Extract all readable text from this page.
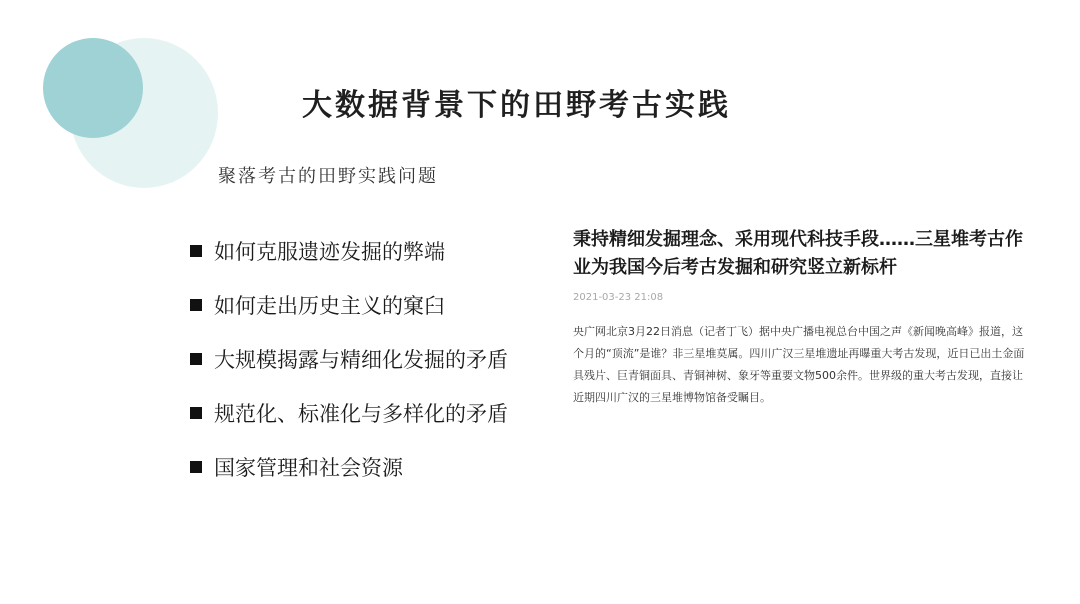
大数据背景下的田野考古实践
聚落考古的田野实践问题
如何克服遗迹发掘的弊端
如何走出历史主义的窠臼
大规模揭露与精细化发掘的矛盾
规范化、标准化与多样化的矛盾
国家管理和社会资源
秉持精细发掘理念、采用现代科技手段……三星堆考古作业为我国今后考古发掘和研究竖立新标杆
2021-03-23 21:08
央广网北京3月22日消息（记者丁飞）据中央广播电视总台中国之声《新闻晚高峰》报道，这个月的“顶流”是谁？非三星堆莫属。四川广汉三星堆遗址再曝重大考古发现，近日已出土金面具残片、巨青铜面具、青铜神树、象牙等重要文物500余件。世界级的重大考古发现，直接让近期四川广汉的三星堆博物馆备受瞩目。
